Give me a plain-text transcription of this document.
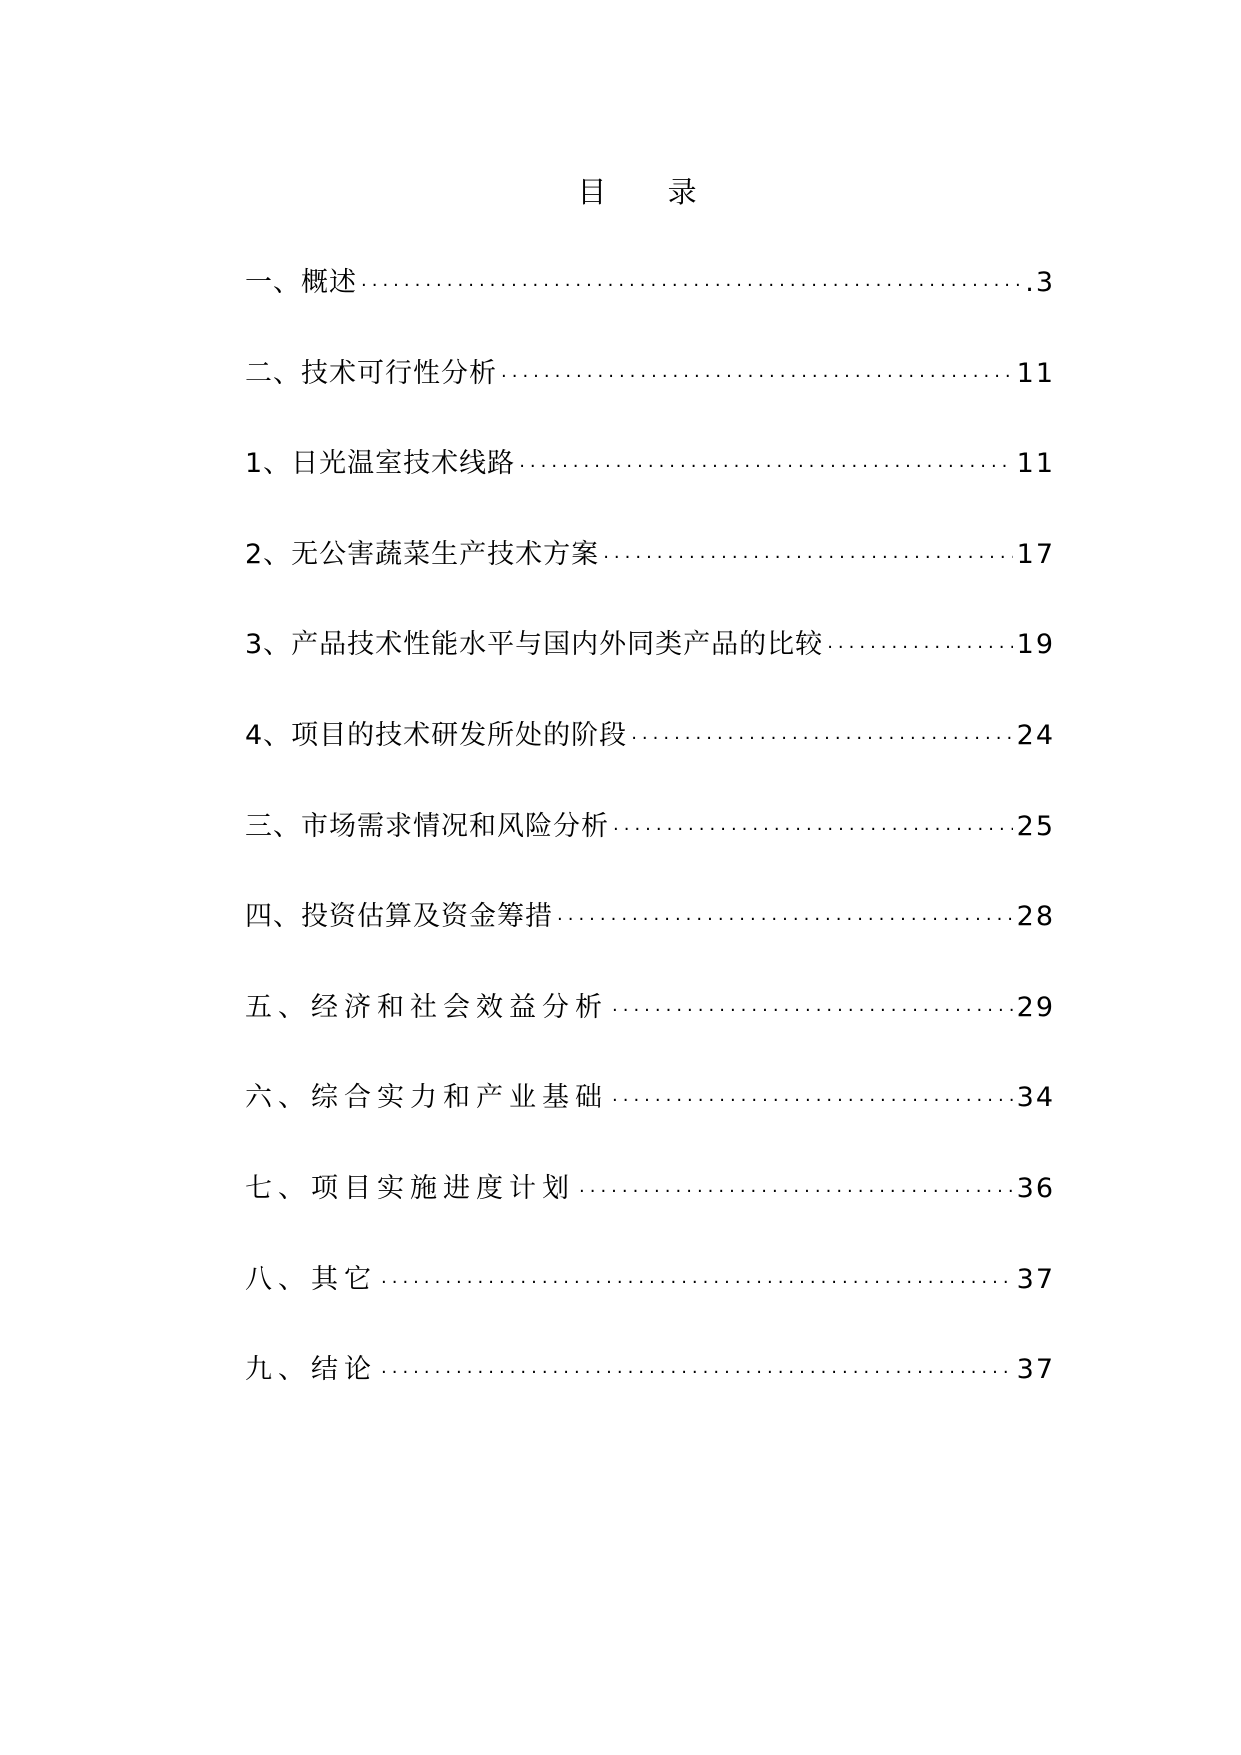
目 录
一、概述 ·····	.3
二、技术可行性分析 ·····	11
1、日光温室技术线路 ·····	11
2、无公害蔬菜生产技术方案 ·····	17
3、产品技术性能水平与国内外同类产品的比较 ·····	19
4、项目的技术研发所处的阶段 ·····	24
三、市场需求情况和风险分析 ·····	25
四、投资估算及资金筹措 ·····	28
五、经济和社会效益分析 ·····	29
六、综合实力和产业基础 ·····	34
七、项目实施进度计划 ·····	36
八、其它 ·····	37
九、结论 ·····	37
